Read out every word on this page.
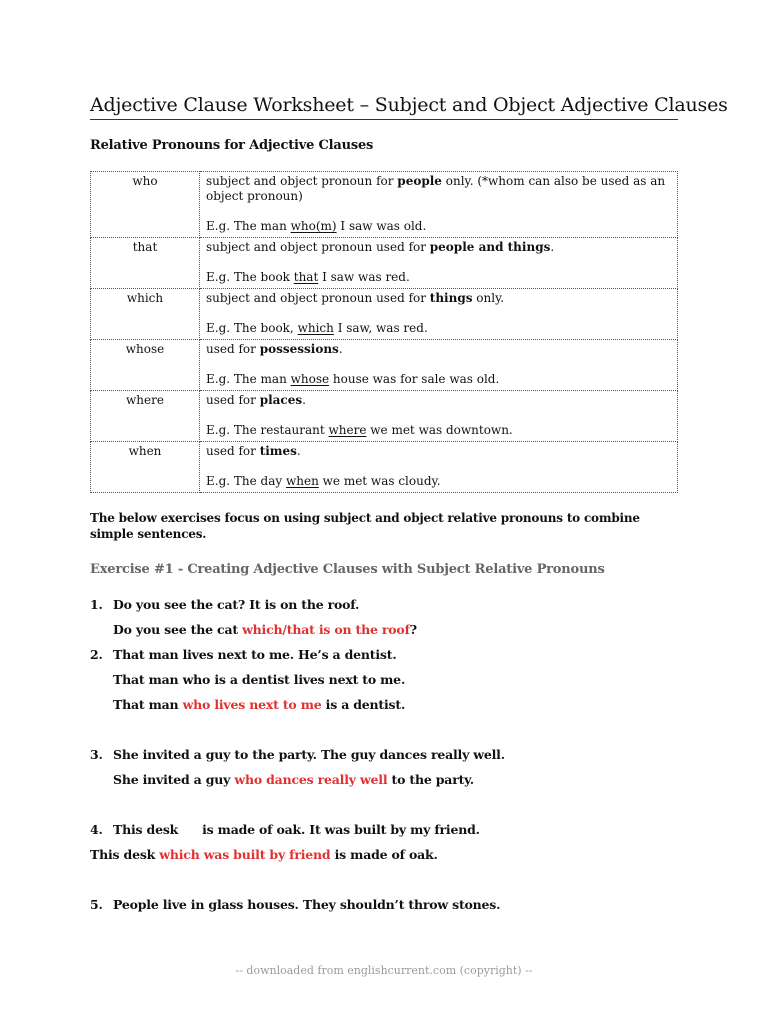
Adjective Clause Worksheet – Subject and Object Adjective Clauses
Relative Pronouns for Adjective Clauses
who	subject and object pronoun for people only. (*whom can also be used as an object pronoun)
E.g. The man who(m) I saw was old.
that	subject and object pronoun used for people and things.
E.g. The book that I saw was red.
which	subject and object pronoun used for things only.
E.g. The book, which I saw, was red.
whose	used for possessions.
E.g. The man whose house was for sale was old.
where	used for places.
E.g. The restaurant where we met was downtown.
when	used for times.
E.g. The day when we met was cloudy.
The below exercises focus on using subject and object relative pronouns to combine simple sentences.
Exercise #1 - Creating Adjective Clauses with Subject Relative Pronouns
1. Do you see the cat? It is on the roof.
Do you see the cat which/that is on the roof?
2. That man lives next to me. He’s a dentist.
That man who is a dentist lives next to me.
That man who lives next to me is a dentist.
3. She invited a guy to the party. The guy dances really well.
She invited a guy who dances really well to the party.
4. This desk is made of oak. It was built by my friend.
This desk which was built by friend is made of oak.
5. People live in glass houses. They shouldn’t throw stones.
-- downloaded from englishcurrent.com (copyright) --
